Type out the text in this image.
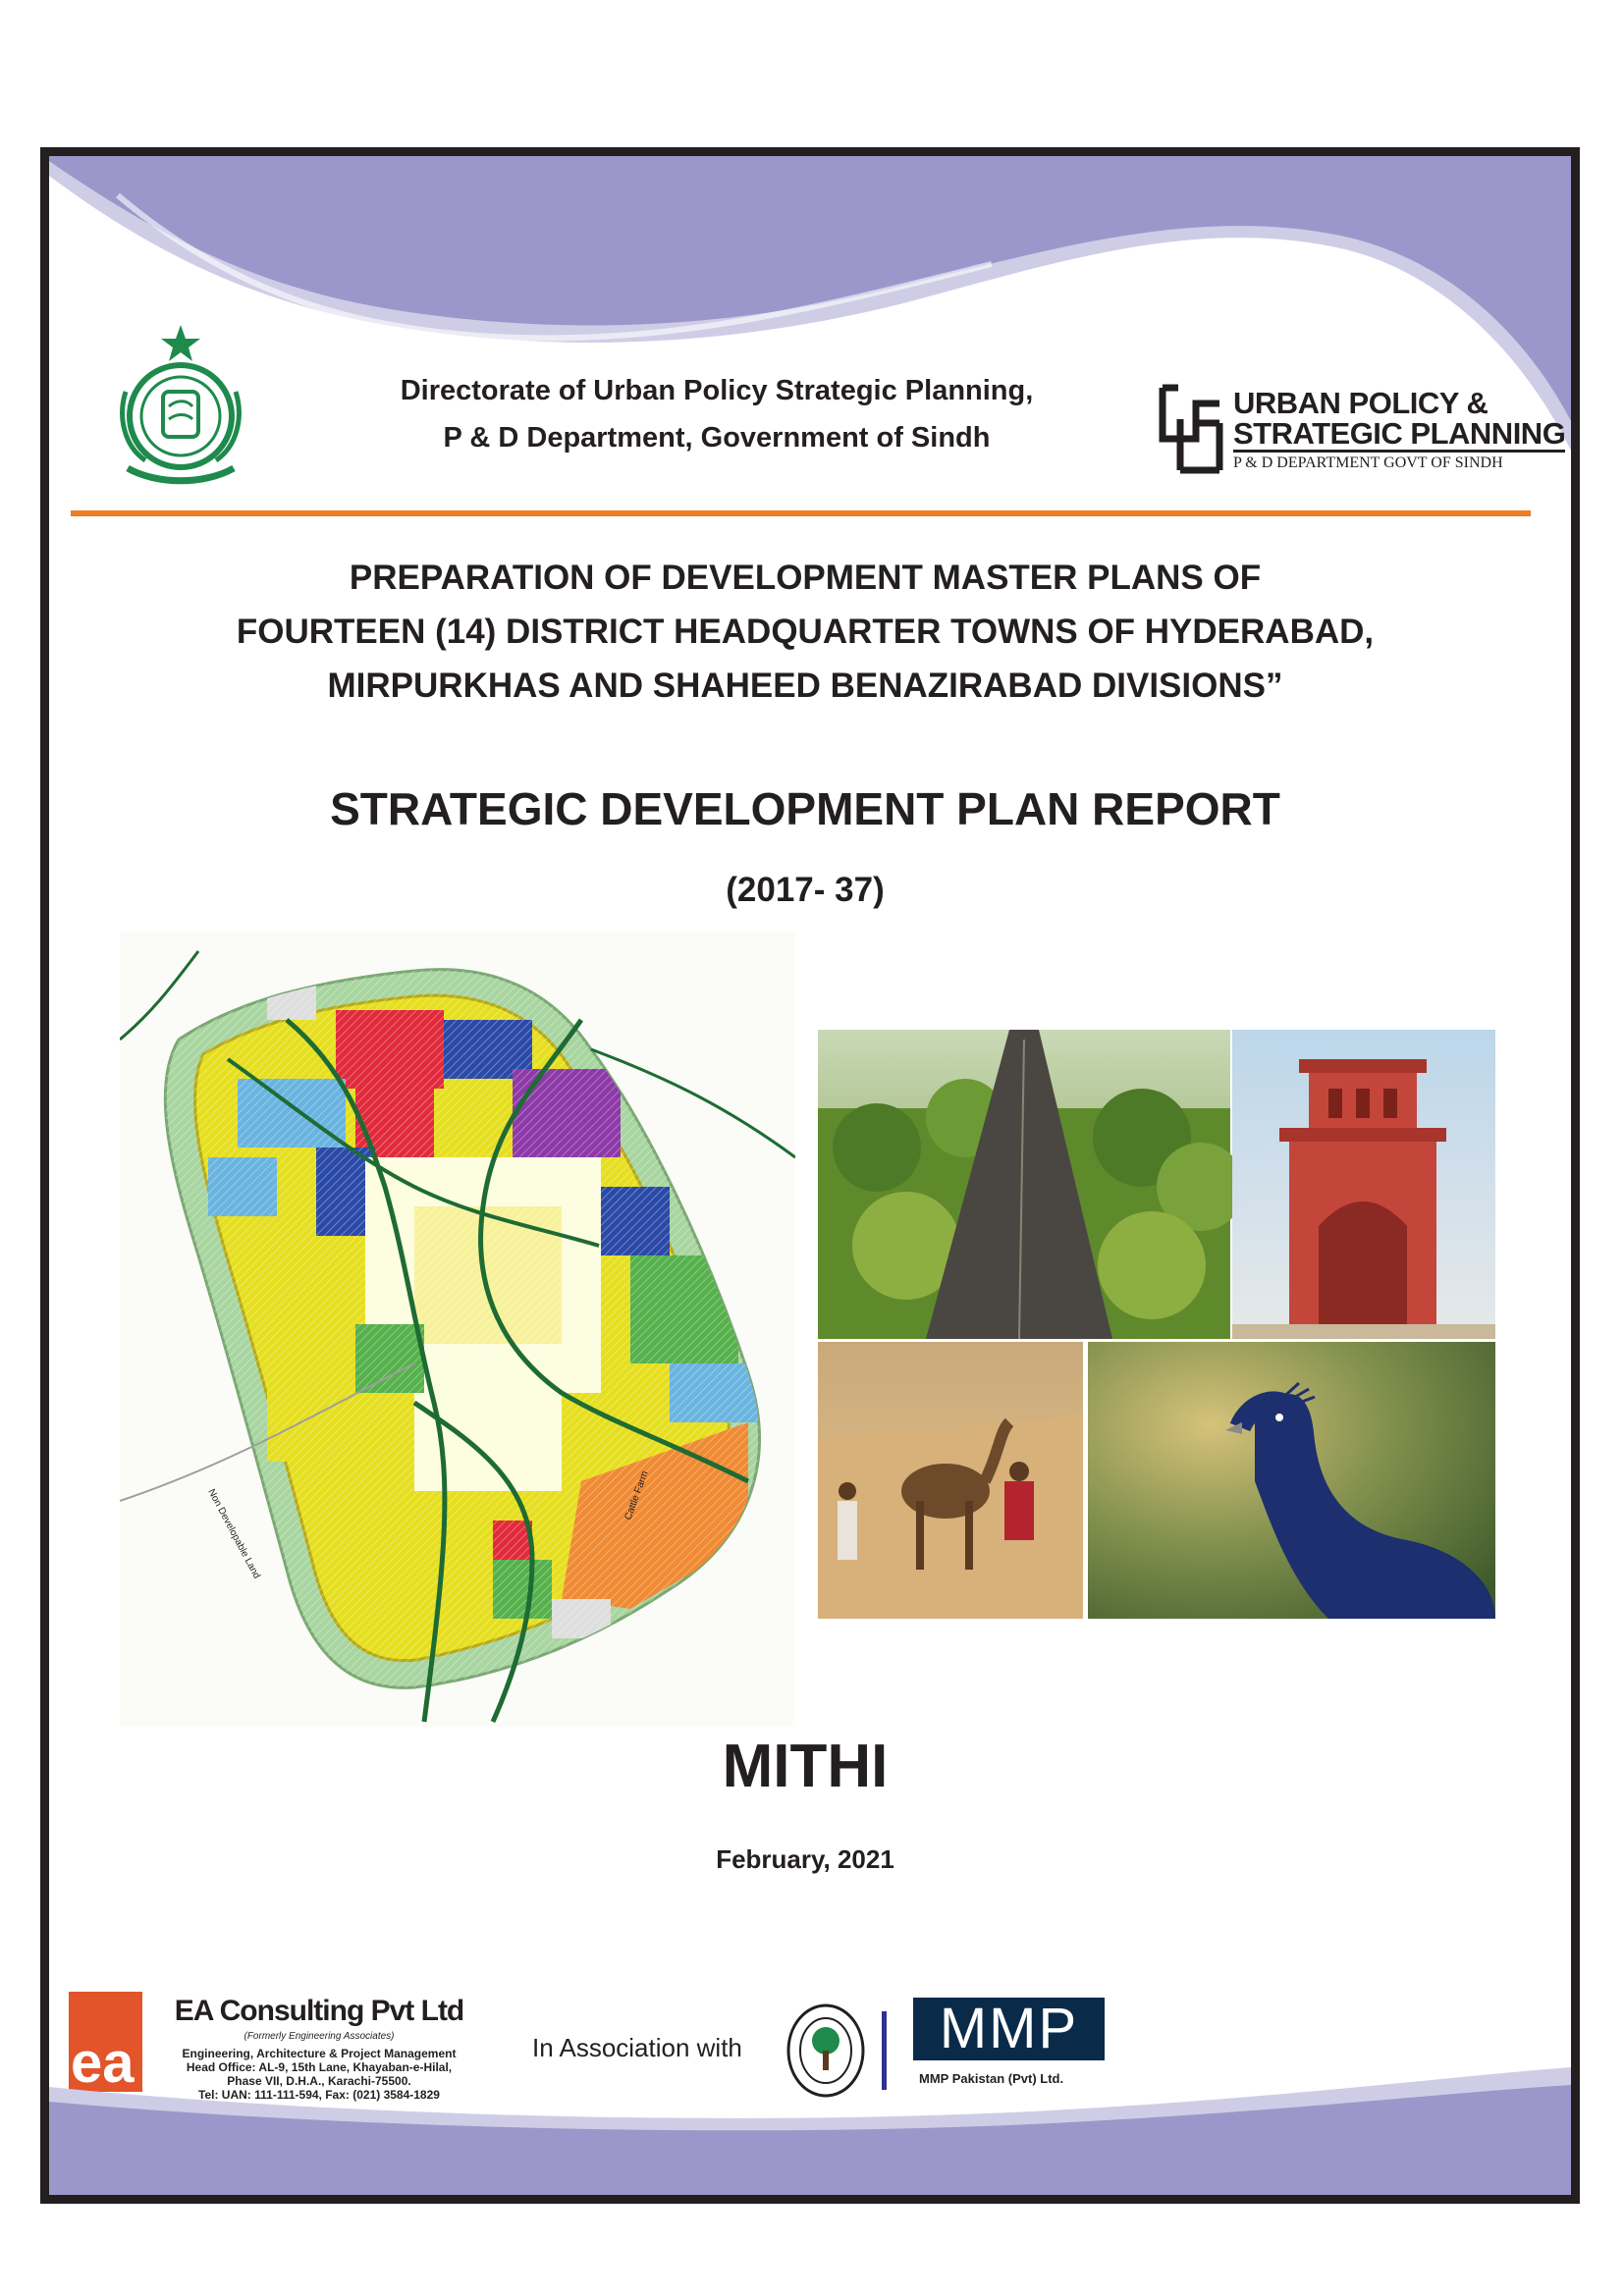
Directorate of Urban Policy Strategic Planning,
P & D Department, Government of Sindh
URBAN POLICY &
STRATEGIC PLANNING
P & D DEPARTMENT GOVT OF SINDH
PREPARATION OF DEVELOPMENT MASTER PLANS OF
FOURTEEN (14) DISTRICT HEADQUARTER TOWNS OF HYDERABAD,
MIRPURKHAS AND SHAHEED BENAZIRABAD DIVISIONS”
STRATEGIC DEVELOPMENT PLAN REPORT
(2017- 37)
Non Developable Land	Cattle Farm
MITHI
February, 2021
ea
EA Consulting Pvt Ltd
(Formerly Engineering Associates)
Engineering, Architecture & Project Management
Head Office: AL-9, 15th Lane, Khayaban-e-Hilal,
Phase VII, D.H.A., Karachi-75500.
Tel: UAN: 111-111-594, Fax: (021) 3584-1829
In Association with	MMP
MMP Pakistan (Pvt) Ltd.
